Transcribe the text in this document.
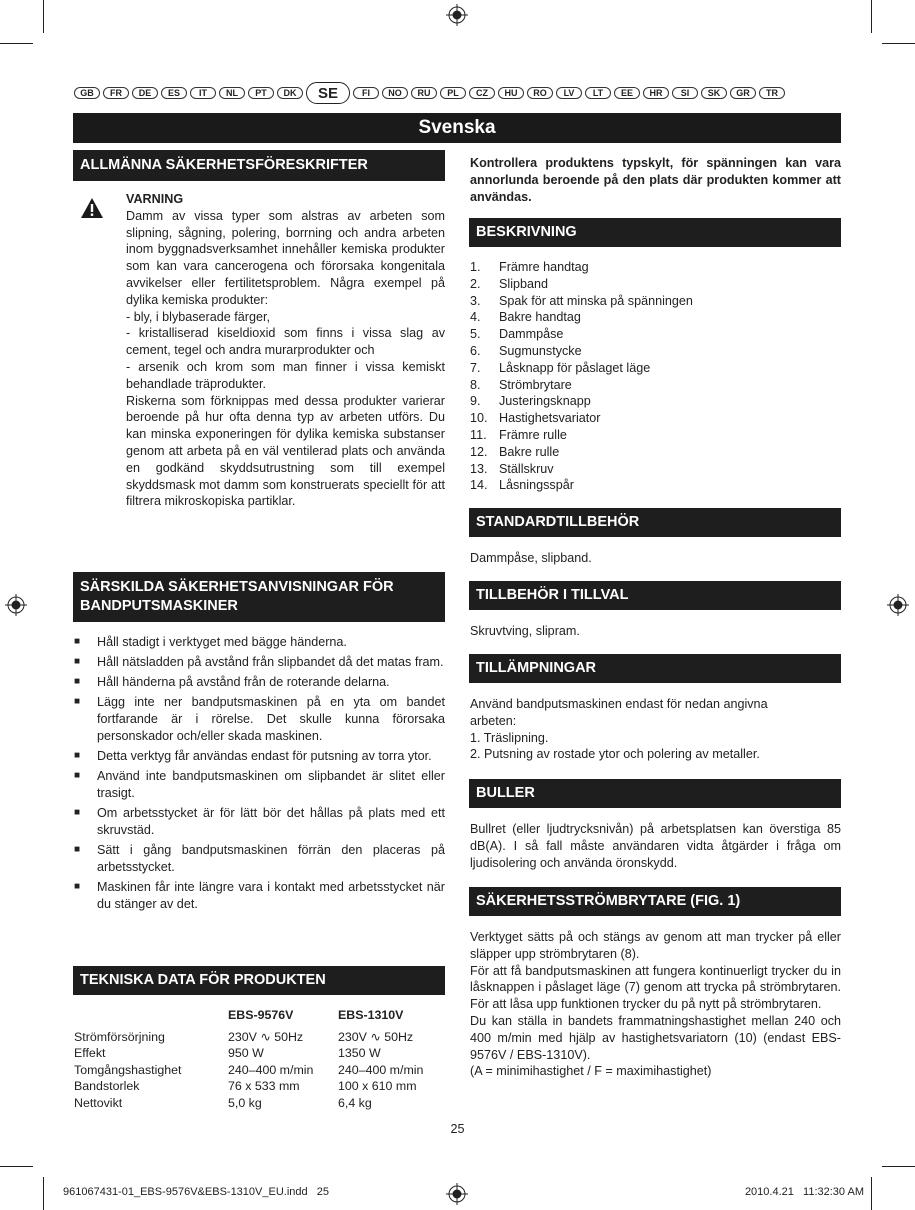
GB	FR	DE	ES	IT	NL	PT	DK	SE	FI	NO	RU	PL	CZ	HU	RO	LV	LT	EE	HR	SI	SK	GR	TR
Svenska
ALLMÄNNA SÄKERHETSFÖRESKRIFTER
VARNING
Damm av vissa typer som alstras av arbeten som slipning, sågning, polering, borrning och andra arbeten inom byggnadsverksamhet innehåller kemiska produkter som kan vara cancerogena och förorsaka kongenitala avvikelser eller fertilitetsproblem. Några exempel på dylika kemiska produkter:
- bly, i blybaserade färger,
- kristalliserad kiseldioxid som finns i vissa slag av cement, tegel och andra murarprodukter och
- arsenik och krom som man finner i vissa kemiskt behandlade träprodukter.
Riskerna som förknippas med dessa produkter varierar beroende på hur ofta denna typ av arbeten utförs. Du kan minska exponeringen för dylika kemiska substanser genom att arbeta på en väl ventilerad plats och använda en godkänd skyddsutrustning som till exempel skyddsmask mot damm som konstruerats speciellt för att filtrera mikroskopiska partiklar.
SÄRSKILDA SÄKERHETSANVISNINGAR FÖR BANDPUTSMASKINER
■ Håll stadigt i verktyget med bägge händerna.
■ Håll nätsladden på avstånd från slipbandet då det matas fram.
■ Håll händerna på avstånd från de roterande delarna.
■ Lägg inte ner bandputsmaskinen på en yta om bandet fortfarande är i rörelse. Det skulle kunna förorsaka personskador och/eller skada maskinen.
■ Detta verktyg får användas endast för putsning av torra ytor.
■ Använd inte bandputsmaskinen om slipbandet är slitet eller trasigt.
■ Om arbetsstycket är för lätt bör det hållas på plats med ett skruvstäd.
■ Sätt i gång bandputsmaskinen förrän den placeras på arbetsstycket.
■ Maskinen får inte längre vara i kontakt med arbetsstycket när du stänger av det.
TEKNISKA DATA FÖR PRODUKTEN
	EBS-9576V	EBS-1310V

Strömförsörjning	230V ∿ 50Hz	230V ∿ 50Hz
Effekt	950 W	1350 W
Tomgångshastighet	240–400 m/min	240–400 m/min
Bandstorlek	76 x 533 mm	100 x 610 mm
Nettovikt	5,0 kg	6,4 kg
Kontrollera produktens typskylt, för spänningen kan vara annorlunda beroende på den plats där produkten kommer att användas.
BESKRIVNING
1.	Främre handtag
2.	Slipband
3.	Spak för att minska på spänningen
4.	Bakre handtag
5.	Dammpåse
6.	Sugmunstycke
7.	Låsknapp för påslaget läge
8.	Strömbrytare
9.	Justeringsknapp
10. Hastighetsvariator
11. Främre rulle
12. Bakre rulle
13. Ställskruv
14. Låsningsspår
STANDARDTILLBEHÖR
Dammpåse, slipband.
TILLBEHÖR I TILLVAL
Skruvtving, slipram.
TILLÄMPNINGAR
Använd bandputsmaskinen endast för nedan angivna arbeten:
1. Träslipning.
2. Putsning av rostade ytor och polering av metaller.
BULLER
Bullret (eller ljudtrycksnivån) på arbetsplatsen kan överstiga 85 dB(A). I så fall måste användaren vidta åtgärder i fråga om ljudisolering och använda öronskydd.
SÄKERHETSSTRÖMBRYTARE (FIG. 1)
Verktyget sätts på och stängs av genom att man trycker på eller släpper upp strömbrytaren (8).
För att få bandputsmaskinen att fungera kontinuerligt trycker du in låsknappen i påslaget läge (7) genom att trycka på strömbrytaren. För att låsa upp funktionen trycker du på nytt på strömbrytaren.
Du kan ställa in bandets frammatningshastighet mellan 240 och 400 m/min med hjälp av hastighetsvariatorn (10) (endast EBS-9576V / EBS-1310V).
(A = minimihastighet / F = maximihastighet)
25
961067431-01_EBS-9576V&EBS-1310V_EU.indd   25	2010.4.21   11:32:30 AM
